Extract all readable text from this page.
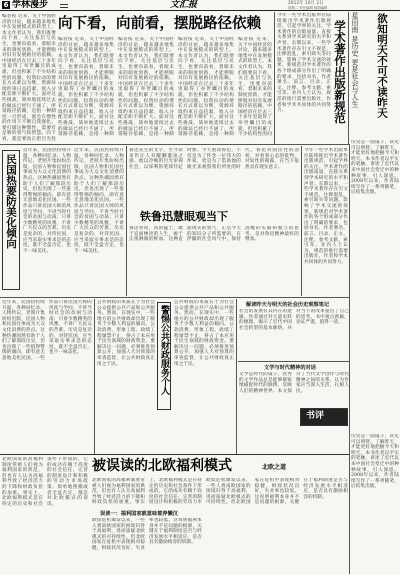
6 学林漫步	文汇报	2012年 10月 2日
星期二 责任编辑 版面编辑
编者按 近来，关于中国经济的讨论，越来越多地集中在发展模式的转型上。本文作者认为，我们既要向下看，关注基层与民生，也要向前看，着眼未来的制度创新，才能摆脱对旧有发展路径的依赖。中国经济在过去三十多年里取得了举世瞩目的成就，但也积累了不少结构性的问题。投资拉动的增长方式难以为继，资源环境约束日益趋紧，收入分配差距不断扩大。面对这些挑战，简单地延续过去的做法已经行不通了。所谓路径依赖，是指一种制度一旦形成，就会在惯性的作用下不断自我强化。要打破这种惯性，需要有足够的勇气和智慧。向下看，就是要真正把目光投
向下看，向前看，摆脱路径依赖
编者按 近来，关于中国经济的讨论，越来越多地集中在发展模式的转型上。本文作者认为，我们既要向下看，关注基层与民生，也要向前看，着眼未来的制度创新，才能摆脱对旧有发展路径的依赖。中国经济在过去三十多年里取得了举世瞩目的成就，但也积累了不少结构性的问题。投资拉动的增长方式难以为继，资源环境约束日益趋紧，收入分配差距不断扩大。面对这些挑战，简单地延续过去的做法已经行不通了。所谓路径依赖，是指一种制
编者按 近来，关于中国经济的讨论，越来越多地集中在发展模式的转型上。本文作者认为，我们既要向下看，关注基层与民生，也要向前看，着眼未来的制度创新，才能摆脱对旧有发展路径的依赖。中国经济在过去三十多年里取得了举世瞩目的成就，但也积累了不少结构性的问题。投资拉动的增长方式难以为继，资源环境约束日益趋紧，收入分配差距不断扩大。面对这些挑战，简单地延续过去的做法已经行不通了。所谓路径依赖，是指一种制
编者按 近来，关于中国经济的讨论，越来越多地集中在发展模式的转型上。本文作者认为，我们既要向下看，关注基层与民生，也要向前看，着眼未来的制度创新，才能摆脱对旧有发展路径的依赖。中国经济在过去三十多年里取得了举世瞩目的成就，但也积累了不少结构性的问题。投资拉动的增长方式难以为继，资源环境约束日益趋紧，收入分配差距不断扩大。面对这些挑战，简单地延续过去的做法已经行不通了。所谓路径依赖，是指一种制
编者按 近来，关于中国经济的讨论，越来越多地集中在发展模式的转型上。本文作者认为，我们既要向下看，关注基层与民生，也要向前看，着眼未来的制度创新，才能摆脱对旧有发展路径的依赖。中国经济在过去三十多年里取得了举世瞩目的成就，但也积累了不少结构性的问
今年一些学术出版单位陆续推出学术著作出版规范，引起学界的关注。学术著作的出版质量，直接关系到学术研究的水平和声誉。长期以来，一些学术著作存在引文不规范、注释混乱、索引缺失等问题，影响了学术交流的效果。新规范对学术著作的各个组成部分作出了明确的要求，包括书名、作者署名、前言、目录、正文、注释、参考文献、索引等。业内人士认为，规范的推行需要出版社、作者和学术共同体的共同努力。	学术著作出版新规范	欲知明天不可不读昨天
星田南 是历史 更是社会与人生
历史是一面镜子，读史可以明智。了解昨天，才能更好地把握今天和明天。本书作者以平实的笔触，讲述了近代以来中国社会变迁中的种种故事，引人深思。2008年以来，作者陆续写作了一系列随笔，后结集出版。
民国热要防美化倾向
近年来，民国热持续升温，各种回忆录、人物传记、老照片集纷纷出版，民国人物和民国往事成为大众文化消费的热点。这种热潮固然有助于人们了解那段历史，但也出现了一些值得警惕的倾向，即有意无意地美化民国。一些作品只讲民国大师的风度与学问，不讲当时社会的贫困与动荡；只讲少数精英的风雅，不讲广大民众的苦难。历史是复杂的，对待民国，应当采取实事求是的态度，既不全盘否定，也不一味美化。
近年来，民国热持续升温，各种回忆录、人物传记、老照片集纷纷出版，民国人物和民国往事成为大众文化消费的热点。这种热潮固然有助于人们了解那段历史，但也出现了一些值得警惕的倾向，即有意无意地美化民国。一些作品只讲民国大师的风度与学问，不讲当时社会的贫困与动荡；只讲少数精英的风雅，不讲广大民众的苦难。历史是复杂的，对待民国，应当采取实事求是的态度，既不全盘否定，也不一味美化。
鲁迅先生的文字，至今读来仍让人有醍醐灌顶之感。他以冷峻的目光审视社会，以犀利的笔锋针砭时弊。今天重读鲁迅，不仅是为了怀念一位伟大的作家，更是为了借助他的眼光来观察我们所处的时代。鲁迅对国民性的剖析，对看客心态的批判，对奴性的揭露，在当下依然具有现实意义。
铁鲁迅慧眼观当下
鲁迅曾说，真的猛士，敢于直面惨淡的人生，敢于正视淋漓的鲜血。这种直面现实的勇气，正是今天的知识分子所需要的。在浮躁的社会风气中，保持清醒的头脑和独立的思考，是对鲁迅精神最好的继承。
今年一些学术出版单位陆续推出学术著作出版规范，引起学界的关注。学术著作的出版质量，直接关系到学术研究的水平和声誉。长期以来，一些学术著作存在引文不规范、注释混乱、索引缺失等问题，影响了学术交流的效果。新规范对学术著作的各个组成部分作出了明确的要求，包括书名、作者署名、前言、目录、正文、注释、参考文献、索引等。业内人士认为，规范的推行需要出版社、作者和学术共同体的共同努力。
近年来，民国热持续升温，各种回忆录、人物传记、老照片集纷纷出版，民国人物和民国往事成为大众文化消费的热点。这种热潮固然有助于人们了解那段历史，但也出现了一些值得警惕的倾向，即有意无意地美化民国。一些作品只讲民国大师的风度与学问，不讲当时社会的贫困与动荡；只讲少数精英的风雅，不讲广大民众的苦难。历史是复杂的，对待民国，应当采取实事求是的态度，既不全盘否定，也不一味美化。
公共财政的本质在于为社会公众提供公共产品和公共服务。然而，在现实中，一些地方的公共财政却出现了服务于少数人利益的倾向。公款消费、形象工程、政绩工程屡禁不止，挤占了本应用于民生领域的财政资金。要解决这一问题，必须推进预算公开，加强人大对预算的审查监督，让公共财政真正用之于民。	警惕公共财政服务个人
公共财政的本质在于为社会公众提供公共产品和公共服务。然而，在现实中，一些地方的公共财政却出现了服务于少数人利益的倾向。公款消费、形象工程、政绩工程屡禁不止，挤占了本应用于民生领域的财政资金。要解决这一问题，必须推进预算公开，加强人大对预算的审查监督，让公共财政真正用之于民。
解读昨天与明天的社会历史观察笔记
社会的发展有其内在的逻辑。作者通过对大量史料的梳理，揭示了近代中国社会转型的基本脉络，并对当下的改革提出了自己的思考。书中观点新颖，论证严谨，值得一读。
文学与时代精神的对话
文学是时代的镜子。优秀的文学作品总是能够敏锐地捕捉时代的脉搏，反映人们的精神世界。本文探讨了当代文学创作与时代精神之间的关系，认为作家应当深入生活，扎根人民。
书评
北欧国家的高福利制度常被人们视为福利国家的典范，但也有人认为高福利导致了经济活力的下降和财政负担的加重。事实上，北欧福利模式是在特定的历史和社会条件下形成的，它的成功有赖于高度的社会信任、完善的制度设计和积极的劳动力市场政策。简单地照搬或者全盘否定，都是对北欧模式的误读。
被误读的北欧福利模式
北欧国家的高福利制度常被人们视为福利国家的典范，但也有人认为高福利导致了经济活力的下降和财政负担的加重。事实上，北欧福利模式是在特定的历史和社会条件下形成的，它的成功有赖于高度的社会信任、完善的制度设计和积极的劳动力市
误读一：福利国家就意味着养懒汉
欧债危机爆发以来，一些人将南欧国家的困境归咎于高福利，进而质疑北欧模式的可持续性。但北欧国家在危机中表现相对稳健，财政状况良好，失业率也较低。这说明福利本身并不是问题的根源，关键在于福利制度是否与经济发展水平相适应，是否具有激励相容的机制。
欧债危机爆发以来，一些人将南欧国家的困境归咎于高福利，进而质疑北欧模式的可持续性。但北欧国家在危机中表现相对稳健，财政状况良好，失业率也较低。这说明福利本身并不是问题的根源，关键在于福利制度是否与经济发展水平相适应，是否具有激励相容的机制。
北欧之道
历史是一面镜子，读史可以明智。了解昨天，才能更好地把握今天和明天。本书作者以平实的笔触，讲述了近代以来中国社会变迁中的种种故事，引人深思。2008年以来，作者陆续写作了一系列随笔，后结集出版。
